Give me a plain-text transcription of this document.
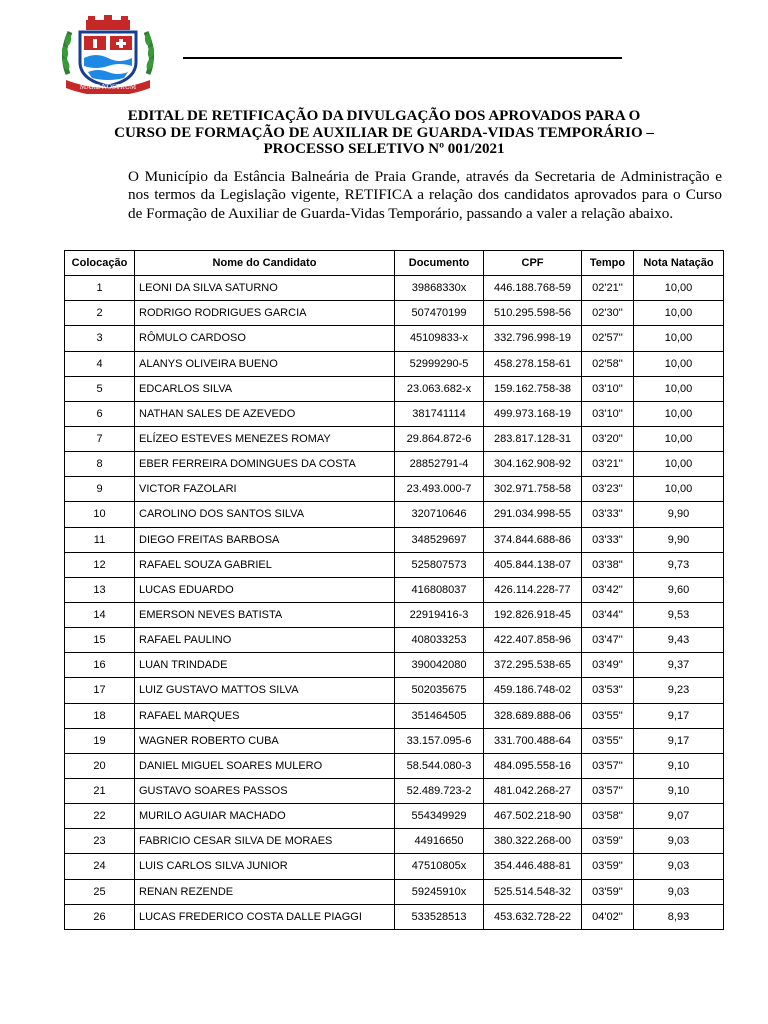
MARE NOSTRUM
EDITAL DE RETIFICAÇÃO DA DIVULGAÇÃO DOS APROVADOS PARA O
CURSO DE FORMAÇÃO DE AUXILIAR DE GUARDA-VIDAS TEMPORÁRIO –
PROCESSO SELETIVO Nº 001/2021
O Município da Estância Balneária de Praia Grande, através da Secretaria de Administração e nos termos da Legislação vigente, RETIFICA a relação dos candidatos aprovados para o Curso de Formação de Auxiliar de Guarda-Vidas Temporário, passando a valer a relação abaixo.
Colocação	Nome do Candidato	Documento	CPF	Tempo	Nota Natação
1	LEONI DA SILVA SATURNO	39868330x	446.188.768-59	02'21''	10,00
2	RODRIGO RODRIGUES GARCIA	507470199	510.295.598-56	02'30''	10,00
3	RÔMULO CARDOSO	45109833-x	332.796.998-19	02'57''	10,00
4	ALANYS OLIVEIRA BUENO	52999290-5	458.278.158-61	02'58''	10,00
5	EDCARLOS SILVA	23.063.682-x	159.162.758-38	03'10''	10,00
6	NATHAN SALES DE AZEVEDO	381741114	499.973.168-19	03'10''	10,00
7	ELÍZEO ESTEVES MENEZES ROMAY	29.864.872-6	283.817.128-31	03'20''	10,00
8	EBER FERREIRA DOMINGUES DA COSTA	28852791-4	304.162.908-92	03'21''	10,00
9	VICTOR FAZOLARI	23.493.000-7	302.971.758-58	03'23''	10,00
10	CAROLINO DOS SANTOS SILVA	320710646	291.034.998-55	03'33''	9,90
11	DIEGO FREITAS BARBOSA	348529697	374.844.688-86	03'33''	9,90
12	RAFAEL SOUZA GABRIEL	525807573	405.844.138-07	03'38''	9,73
13	LUCAS EDUARDO	416808037	426.114.228-77	03'42''	9,60
14	EMERSON NEVES BATISTA	22919416-3	192.826.918-45	03'44''	9,53
15	RAFAEL PAULINO	408033253	422.407.858-96	03'47''	9,43
16	LUAN TRINDADE	390042080	372.295.538-65	03'49''	9,37
17	LUIZ GUSTAVO MATTOS SILVA	502035675	459.186.748-02	03'53''	9,23
18	RAFAEL MARQUES	351464505	328.689.888-06	03'55''	9,17
19	WAGNER ROBERTO CUBA	33.157.095-6	331.700.488-64	03'55''	9,17
20	DANIEL MIGUEL SOARES MULERO	58.544.080-3	484.095.558-16	03'57''	9,10
21	GUSTAVO SOARES PASSOS	52.489.723-2	481.042.268-27	03'57''	9,10
22	MURILO AGUIAR MACHADO	554349929	467.502.218-90	03'58''	9,07
23	FABRICIO CESAR SILVA DE MORAES	44916650	380.322.268-00	03'59''	9,03
24	LUIS CARLOS SILVA JUNIOR	47510805x	354.446.488-81	03'59''	9,03
25	RENAN REZENDE	59245910x	525.514.548-32	03'59''	9,03
26	LUCAS FREDERICO COSTA DALLE PIAGGI	533528513	453.632.728-22	04'02''	8,93
